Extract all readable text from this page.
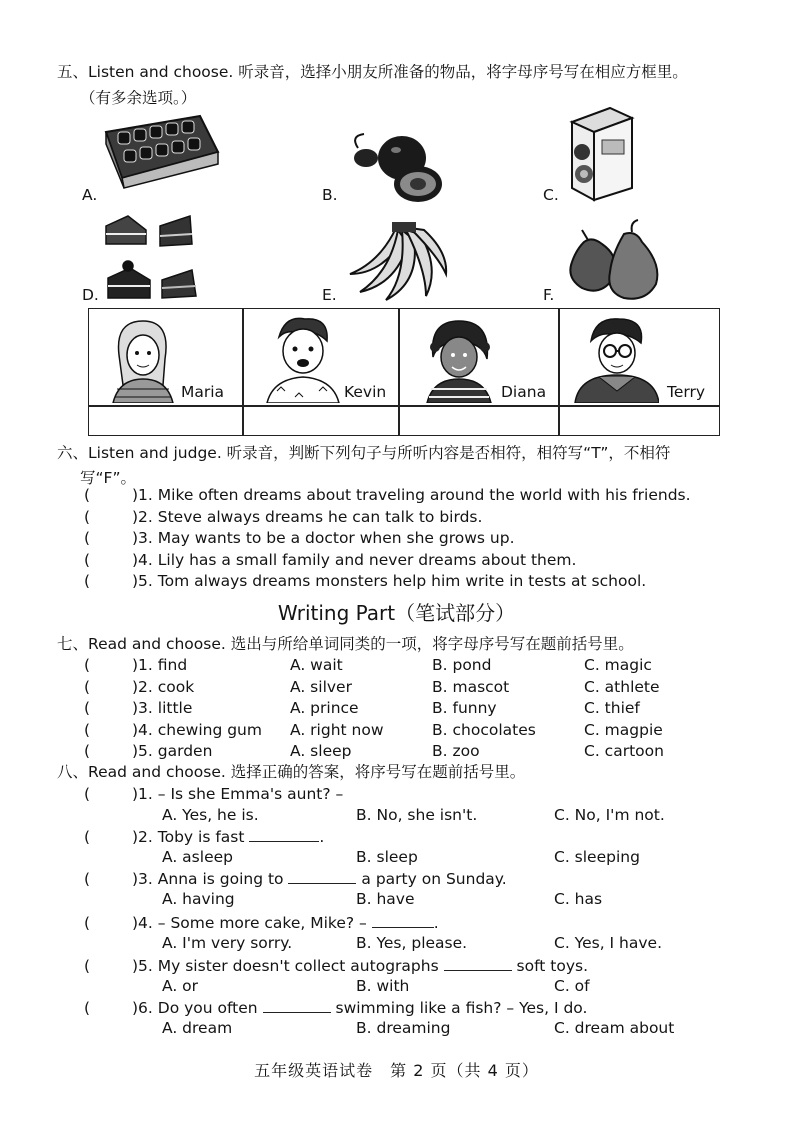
五、Listen and choose. 听录音，选择小朋友所准备的物品，将字母序号写在相应方框里。
（有多余选项。）
A.	B.	C.
D.	E.	F.
Maria	Kevin	Diana	Terry
六、Listen and judge. 听录音，判断下列句子与所听内容是否相符，相符写“T”，不相符
写“F”。
(	)1. Mike often dreams about traveling around the world with his friends.
(	)2. Steve always dreams he can talk to birds.
(	)3. May wants to be a doctor when she grows up.
(	)4. Lily has a small family and never dreams about them.
(	)5. Tom always dreams monsters help him write in tests at school.
Writing Part（笔试部分）
七、Read and choose. 选出与所给单词同类的一项，将字母序号写在题前括号里。
(	)1. find	A. wait	B. pond	C. magic
(	)2. cook	A. silver	B. mascot	C. athlete
(	)3. little	A. prince	B. funny	C. thief
(	)4. chewing gum A. right now	B. chocolates	C. magpie
(	)5. garden	A. sleep	B. zoo	C. cartoon
八、Read and choose. 选择正确的答案，将序号写在题前括号里。
(	)1. – Is she Emma's aunt? –
A. Yes, he is.	B. No, she isn't.	C. No, I'm not.
(	)2. Toby is fast	.
A. asleep	B. sleep	C. sleeping
(	)3. Anna is going to	a party on Sunday.
A. having	B. have	C. has
(	)4. – Some more cake, Mike? –	.
A. I'm very sorry.	B. Yes, please.	C. Yes, I have.
(	)5. My sister doesn't collect autographs	soft toys.
A. or	B. with	C. of
(	)6. Do you often	swimming like a fish? – Yes, I do.
A. dream	B. dreaming	C. dream about
五年级英语试卷　第 2 页（共 4 页）
